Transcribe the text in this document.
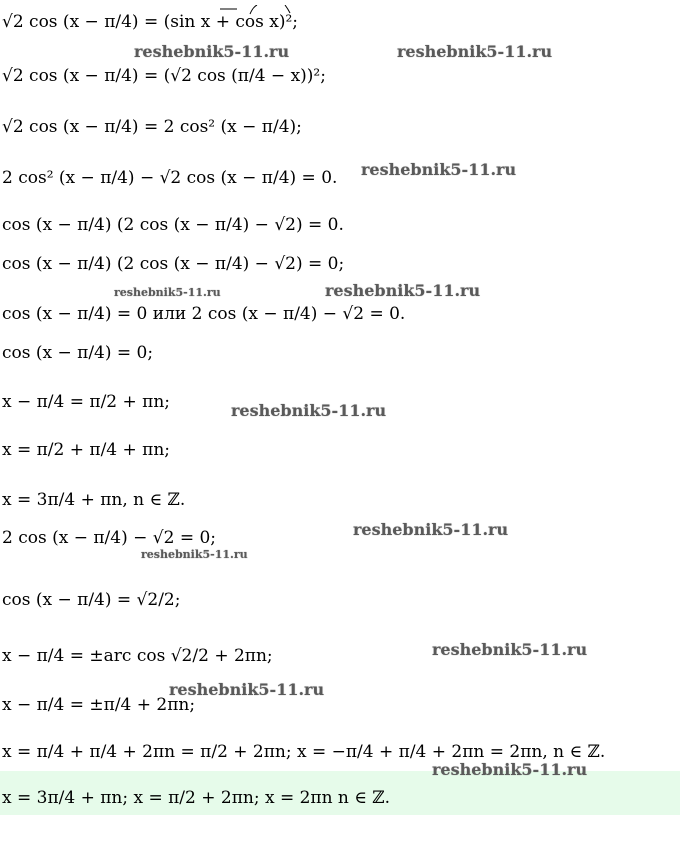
√2 cos (x − π/4) = (sin x + cos x)²;
√2 cos (x − π/4) = (√2 cos (π/4 − x))²;
√2 cos (x − π/4) = 2 cos² (x − π/4);
2 cos² (x − π/4) − √2 cos (x − π/4) = 0.
cos (x − π/4) (2 cos (x − π/4) − √2) = 0.
cos (x − π/4) (2 cos (x − π/4) − √2) = 0;
cos (x − π/4) = 0 или 2 cos (x − π/4) − √2 = 0.
cos (x − π/4) = 0;
x − π/4 = π/2 + πn;
x = π/2 + π/4 + πn;
x = 3π/4 + πn, n ∈ ℤ.
2 cos (x − π/4) − √2 = 0;
cos (x − π/4) = √2/2;
x − π/4 = ±arc cos √2/2 + 2πn;
x − π/4 = ±π/4 + 2πn;
x = π/4 + π/4 + 2πn = π/2 + 2πn; x = −π/4 + π/4 + 2πn = 2πn, n ∈ ℤ.
x = 3π/4 + πn; x = π/2 + 2πn; x = 2πn n ∈ ℤ.
reshebnik5-11.ru	reshebnik5-11.ru
reshebnik5-11.ru
reshebnik5-11.ru	reshebnik5-11.ru
reshebnik5-11.ru
reshebnik5-11.ru
reshebnik5-11.ru
reshebnik5-11.ru
reshebnik5-11.ru
reshebnik5-11.ru
